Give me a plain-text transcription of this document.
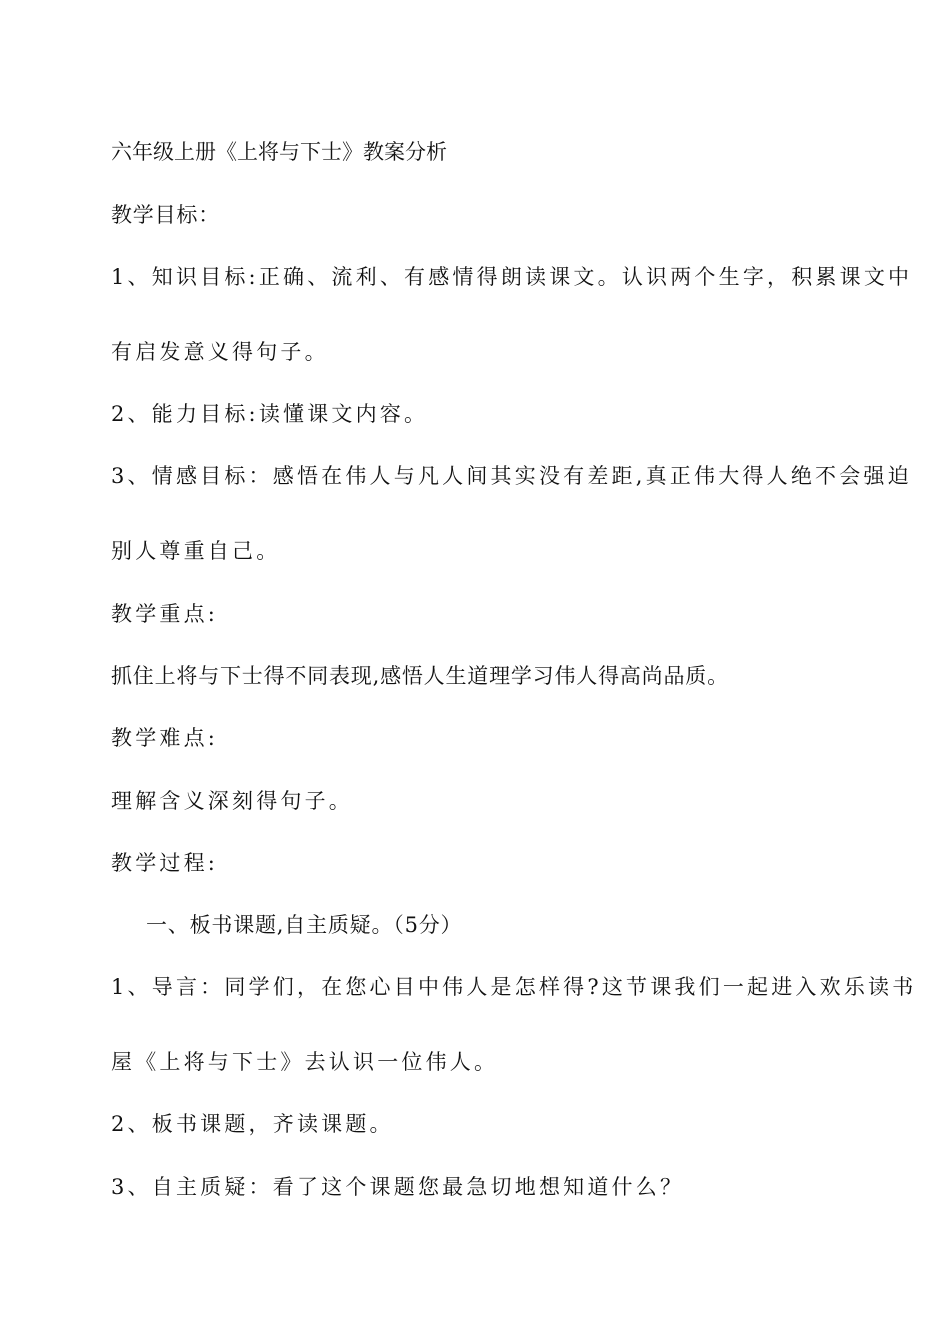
六年级上册《上将与下士》教案分析
教学目标：
1、知识目标:正确、流利、有感情得朗读课文。认识两个生字，积累课文中
有启发意义得句子。
2、能力目标:读懂课文内容。
3、情感目标：感悟在伟人与凡人间其实没有差距,真正伟大得人绝不会强迫
别人尊重自己。
教学重点:
抓住上将与下士得不同表现,感悟人生道理学习伟人得高尚品质。
教学难点:
理解含义深刻得句子。
教学过程:
一、板书课题,自主质疑。（5分）
1、导言：同学们，在您心目中伟人是怎样得?这节课我们一起进入欢乐读书
屋《上将与下士》去认识一位伟人。
2、板书课题，齐读课题。
3、自主质疑：看了这个课题您最急切地想知道什么？
